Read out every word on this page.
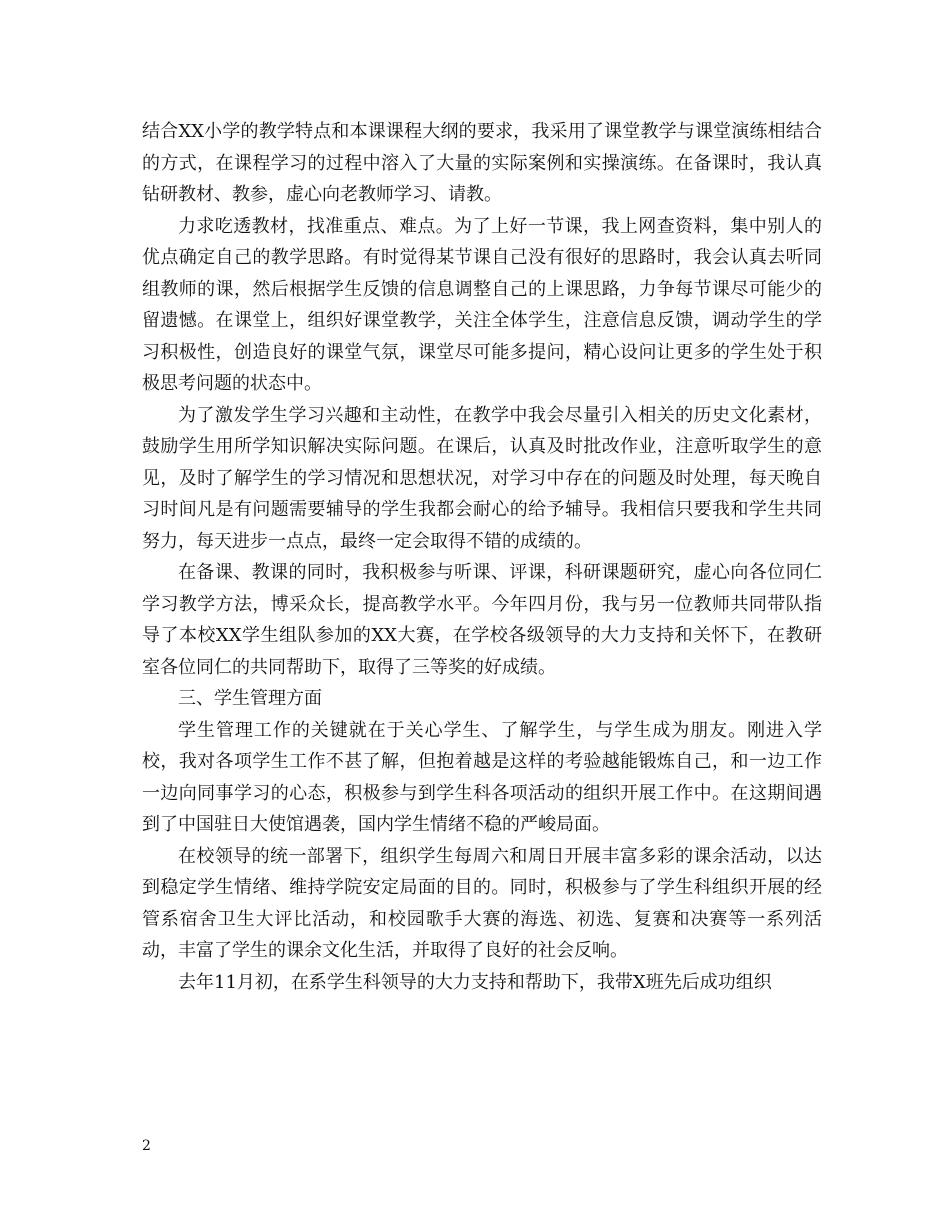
结合XX小学的教学特点和本课课程大纲的要求，我采用了课堂教学与课堂演练相结合的方式，在课程学习的过程中溶入了大量的实际案例和实操演练。在备课时，我认真钻研教材、教参，虚心向老教师学习、请教。

力求吃透教材，找准重点、难点。为了上好一节课，我上网查资料，集中别人的优点确定自己的教学思路。有时觉得某节课自己没有很好的思路时，我会认真去听同组教师的课，然后根据学生反馈的信息调整自己的上课思路，力争每节课尽可能少的留遗憾。在课堂上，组织好课堂教学，关注全体学生，注意信息反馈，调动学生的学习积极性，创造良好的课堂气氛，课堂尽可能多提问，精心设问让更多的学生处于积极思考问题的状态中。

为了激发学生学习兴趣和主动性，在教学中我会尽量引入相关的历史文化素材，鼓励学生用所学知识解决实际问题。在课后，认真及时批改作业，注意听取学生的意见，及时了解学生的学习情况和思想状况，对学习中存在的问题及时处理，每天晚自习时间凡是有问题需要辅导的学生我都会耐心的给予辅导。我相信只要我和学生共同努力，每天进步一点点，最终一定会取得不错的成绩的。

在备课、教课的同时，我积极参与听课、评课，科研课题研究，虚心向各位同仁学习教学方法，博采众长，提高教学水平。今年四月份，我与另一位教师共同带队指导了本校XX学生组队参加的XX大赛，在学校各级领导的大力支持和关怀下，在教研室各位同仁的共同帮助下，取得了三等奖的好成绩。

三、学生管理方面

学生管理工作的关键就在于关心学生、了解学生，与学生成为朋友。刚进入学校，我对各项学生工作不甚了解，但抱着越是这样的考验越能锻炼自己，和一边工作一边向同事学习的心态，积极参与到学生科各项活动的组织开展工作中。在这期间遇到了中国驻日大使馆遇袭，国内学生情绪不稳的严峻局面。

在校领导的统一部署下，组织学生每周六和周日开展丰富多彩的课余活动，以达到稳定学生情绪、维持学院安定局面的目的。同时，积极参与了学生科组织开展的经管系宿舍卫生大评比活动，和校园歌手大赛的海选、初选、复赛和决赛等一系列活动，丰富了学生的课余文化生活，并取得了良好的社会反响。

去年11月初，在系学生科领导的大力支持和帮助下，我带X班先后成功组织

2
